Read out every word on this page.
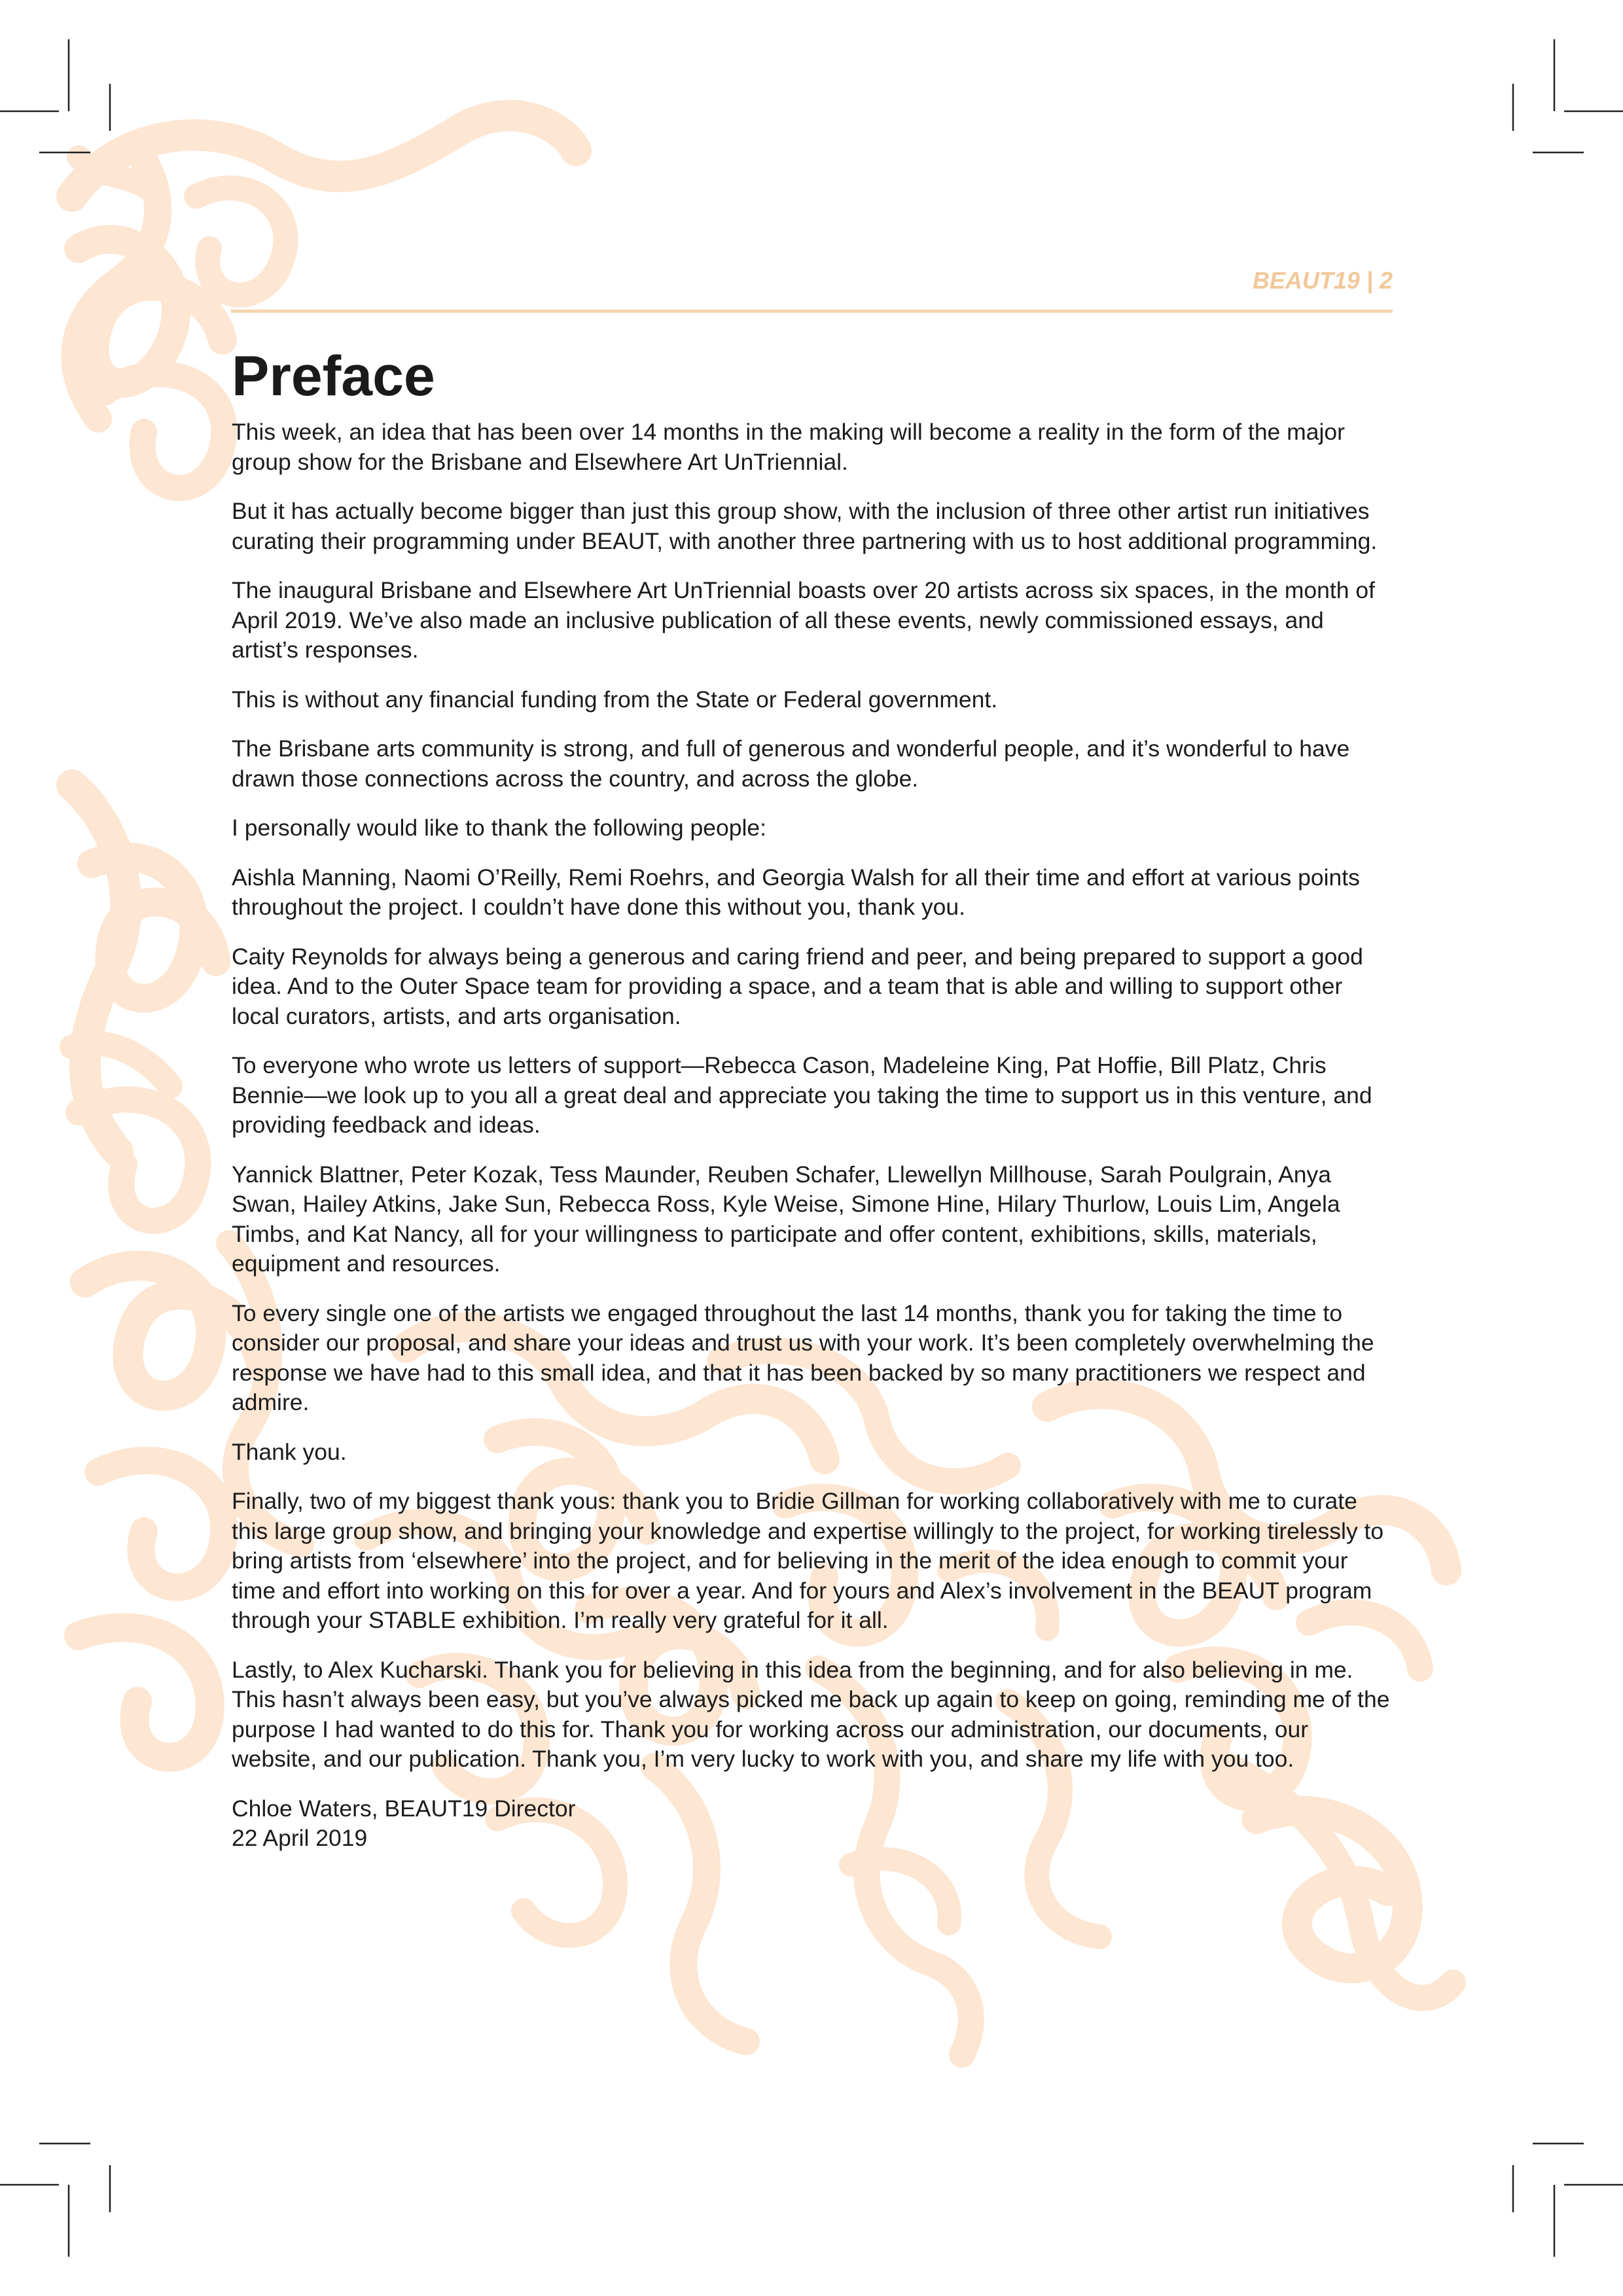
BEAUT19 | 2
Preface

This week, an idea that has been over 14 months in the making will become a reality in the form of the major group show for the Brisbane and Elsewhere Art UnTriennial.

But it has actually become bigger than just this group show, with the inclusion of three other artist run initiatives curating their programming under BEAUT, with another three partnering with us to host additional programming.

The inaugural Brisbane and Elsewhere Art UnTriennial boasts over 20 artists across six spaces, in the month of April 2019. We’ve also made an inclusive publication of all these events, newly commissioned essays, and artist’s responses.

This is without any financial funding from the State or Federal government.

The Brisbane arts community is strong, and full of generous and wonderful people, and it’s wonderful to have drawn those connections across the country, and across the globe.

I personally would like to thank the following people:

Aishla Manning, Naomi O’Reilly, Remi Roehrs, and Georgia Walsh for all their time and effort at various points throughout the project. I couldn’t have done this without you, thank you.

Caity Reynolds for always being a generous and caring friend and peer, and being prepared to support a good idea. And to the Outer Space team for providing a space, and a team that is able and willing to support other local curators, artists, and arts organisation.

To everyone who wrote us letters of support—Rebecca Cason, Madeleine King, Pat Hoffie, Bill Platz, Chris Bennie—we look up to you all a great deal and appreciate you taking the time to support us in this venture, and providing feedback and ideas.

Yannick Blattner, Peter Kozak, Tess Maunder, Reuben Schafer, Llewellyn Millhouse, Sarah Poulgrain, Anya Swan, Hailey Atkins, Jake Sun, Rebecca Ross, Kyle Weise, Simone Hine, Hilary Thurlow, Louis Lim, Angela Timbs, and Kat Nancy, all for your willingness to participate and offer content, exhibitions, skills, materials, equipment and resources.

To every single one of the artists we engaged throughout the last 14 months, thank you for taking the time to consider our proposal, and share your ideas and trust us with your work. It’s been completely overwhelming the response we have had to this small idea, and that it has been backed by so many practitioners we respect and admire.

Thank you.

Finally, two of my biggest thank yous: thank you to Bridie Gillman for working collaboratively with me to curate this large group show, and bringing your knowledge and expertise willingly to the project, for working tirelessly to bring artists from ‘elsewhere’ into the project, and for believing in the merit of the idea enough to commit your time and effort into working on this for over a year. And for yours and Alex’s involvement in the BEAUT program through your STABLE exhibition. I’m really very grateful for it all.

Lastly, to Alex Kucharski. Thank you for believing in this idea from the beginning, and for also believing in me. This hasn’t always been easy, but you’ve always picked me back up again to keep on going, reminding me of the purpose I had wanted to do this for. Thank you for working across our administration, our documents, our website, and our publication. Thank you, I’m very lucky to work with you, and share my life with you too.

Chloe Waters, BEAUT19 Director

22 April 2019
